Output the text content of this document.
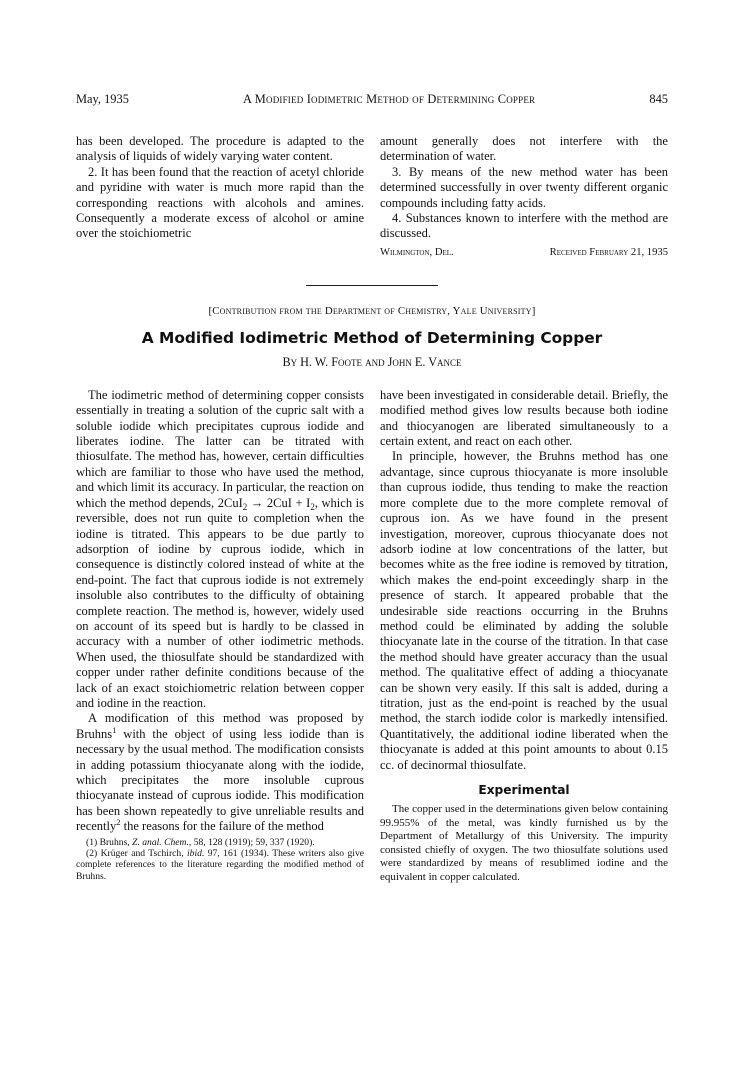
May, 1935	A Modified Iodimetric Method of Determining Copper	845

has been developed. The procedure is adapted to the analysis of liquids of widely varying water content.

2. It has been found that the reaction of acetyl chloride and pyridine with water is much more rapid than the corresponding reactions with alcohols and amines. Consequently a moderate excess of alcohol or amine over the stoichiometric

amount generally does not interfere with the determination of water.

3. By means of the new method water has been determined successfully in over twenty different organic compounds including fatty acids.

4. Substances known to interfere with the method are discussed.

Wilmington, Del.	Received February 21, 1935
[Contribution from the Department of Chemistry, Yale University]
A Modified Iodimetric Method of Determining Copper
By H. W. Foote and John E. Vance

The iodimetric method of determining copper consists essentially in treating a solution of the cupric salt with a soluble iodide which precipitates cuprous iodide and liberates iodine. The latter can be titrated with thiosulfate. The method has, however, certain difficulties which are familiar to those who have used the method, and which limit its accuracy. In particular, the reaction on which the method depends, $2CuI_2 \to 2CuI + I_2$, which is reversible, does not run quite to completion when the iodine is titrated. This appears to be due partly to adsorption of iodine by cuprous iodide, which in consequence is distinctly colored instead of white at the end-point. The fact that cuprous iodide is not extremely insoluble also contributes to the difficulty of obtaining complete reaction. The method is, however, widely used on account of its speed but is hardly to be classed in accuracy with a number of other iodimetric methods. When used, the thiosulfate should be standardized with copper under rather definite conditions because of the lack of an exact stoichiometric relation between copper and iodine in the reaction.

A modification of this method was proposed by Bruhns$^1$ with the object of using less iodide than is necessary by the usual method. The modification consists in adding potassium thiocyanate along with the iodide, which precipitates the more insoluble cuprous thiocyanate instead of cuprous iodide. This modification has been shown repeatedly to give unreliable results and recently$^2$ the reasons for the failure of the method

(1) Bruhns, Z. anal. Chem., 58, 128 (1919); 59, 337 (1920).

(2) Krüger and Tschirch, ibid. 97, 161 (1934). These writers also give complete references to the literature regarding the modified method of Bruhns.

have been investigated in considerable detail. Briefly, the modified method gives low results because both iodine and thiocyanogen are liberated simultaneously to a certain extent, and react on each other.

In principle, however, the Bruhns method has one advantage, since cuprous thiocyanate is more insoluble than cuprous iodide, thus tending to make the reaction more complete due to the more complete removal of cuprous ion. As we have found in the present investigation, moreover, cuprous thiocyanate does not adsorb iodine at low concentrations of the latter, but becomes white as the free iodine is removed by titration, which makes the end-point exceedingly sharp in the presence of starch. It appeared probable that the undesirable side reactions occurring in the Bruhns method could be eliminated by adding the soluble thiocyanate late in the course of the titration. In that case the method should have greater accuracy than the usual method. The qualitative effect of adding a thiocyanate can be shown very easily. If this salt is added, during a titration, just as the end-point is reached by the usual method, the starch iodide color is markedly intensified. Quantitatively, the additional iodine liberated when the thiocyanate is added at this point amounts to about 0.15 cc. of decinormal thiosulfate.

Experimental

The copper used in the determinations given below containing 99.955% of the metal, was kindly furnished us by the Department of Metallurgy of this University. The impurity consisted chiefly of oxygen. The two thiosulfate solutions used were standardized by means of resublimed iodine and the equivalent in copper calculated.
